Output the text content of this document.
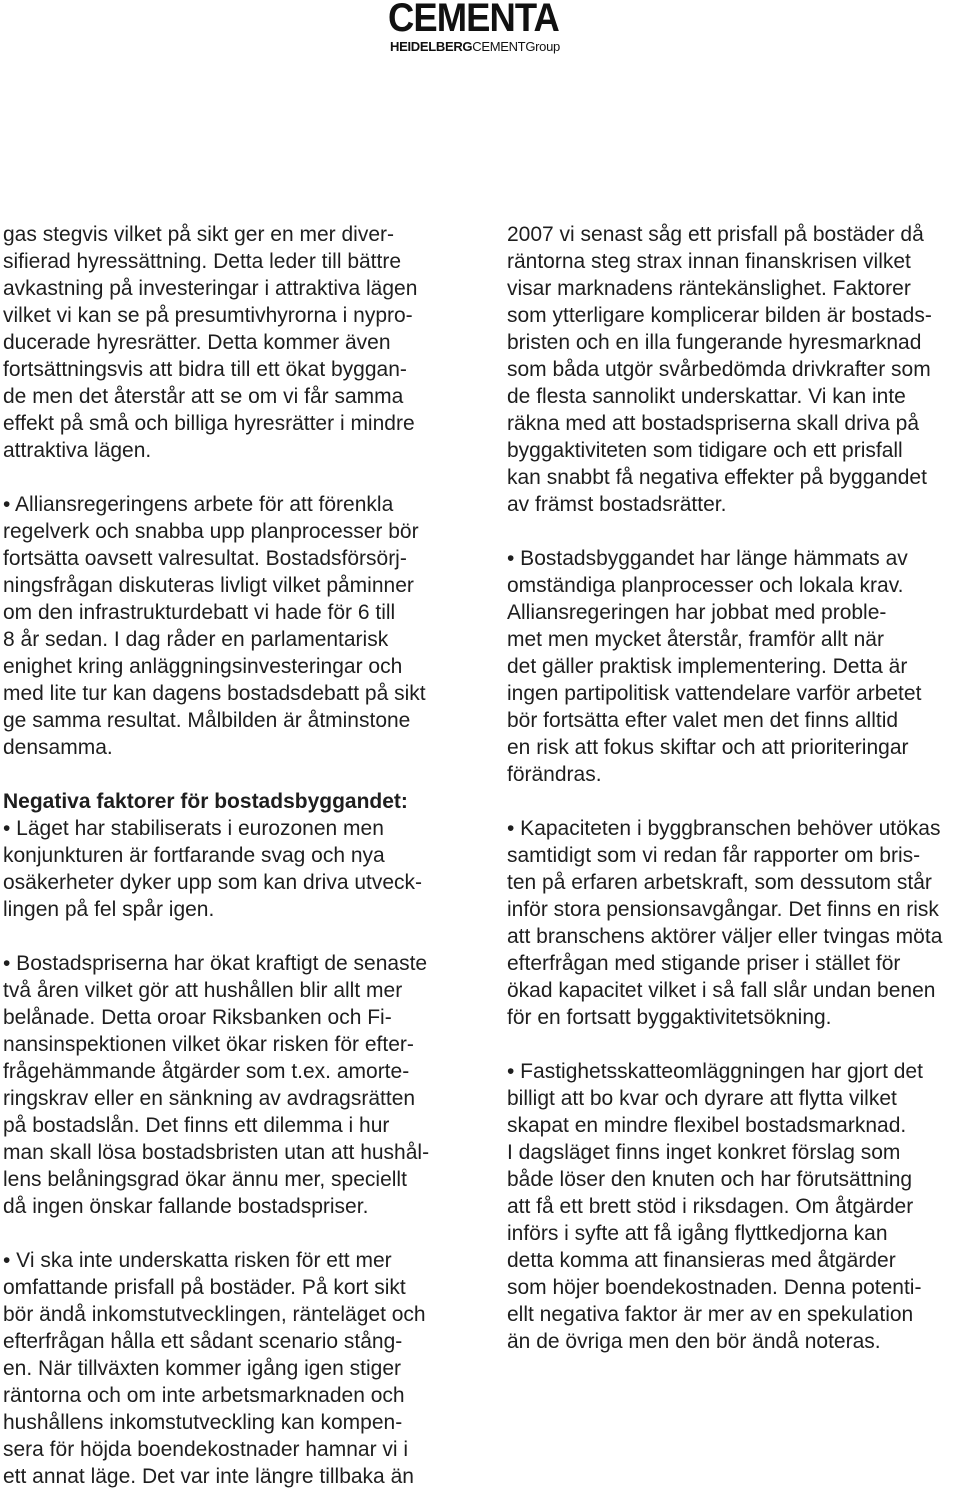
CEMENTA
HEIDELBERGCEMENTGroup
gas stegvis vilket på sikt ger en mer diver-
sifierad hyressättning. Detta leder till bättre
avkastning på investeringar i attraktiva lägen
vilket vi kan se på presumtivhyrorna i nypro-
ducerade hyresrätter. Detta kommer även
fortsättningsvis att bidra till ett ökat byggan-
de men det återstår att se om vi får samma
effekt på små och billiga hyresrätter i mindre
attraktiva lägen.
• Alliansregeringens arbete för att förenkla
regelverk och snabba upp planprocesser bör
fortsätta oavsett valresultat. Bostadsförsörj-
ningsfrågan diskuteras livligt vilket påminner
om den infrastrukturdebatt vi hade för 6 till
8 år sedan. I dag råder en parlamentarisk
enighet kring anläggningsinvesteringar och
med lite tur kan dagens bostadsdebatt på sikt
ge samma resultat. Målbilden är åtminstone
densamma.
Negativa faktorer för bostadsbyggandet:
• Läget har stabiliserats i eurozonen men
konjunkturen är fortfarande svag och nya
osäkerheter dyker upp som kan driva utveck-
lingen på fel spår igen.
• Bostadspriserna har ökat kraftigt de senaste
två åren vilket gör att hushållen blir allt mer
belånade. Detta oroar Riksbanken och Fi-
nansinspektionen vilket ökar risken för efter-
frågehämmande åtgärder som t.ex. amorte-
ringskrav eller en sänkning av avdragsrätten
på bostadslån. Det finns ett dilemma i hur
man skall lösa bostadsbristen utan att hushål-
lens belåningsgrad ökar ännu mer, speciellt
då ingen önskar fallande bostadspriser.
• Vi ska inte underskatta risken för ett mer
omfattande prisfall på bostäder. På kort sikt
bör ändå inkomstutvecklingen, ränteläget och
efterfrågan hålla ett sådant scenario stång-
en. När tillväxten kommer igång igen stiger
räntorna och om inte arbetsmarknaden och
hushållens inkomstutveckling kan kompen-
sera för höjda boendekostnader hamnar vi i
ett annat läge. Det var inte längre tillbaka än
2007 vi senast såg ett prisfall på bostäder då
räntorna steg strax innan finanskrisen vilket
visar marknadens räntekänslighet. Faktorer
som ytterligare komplicerar bilden är bostads-
bristen och en illa fungerande hyresmarknad
som båda utgör svårbedömda drivkrafter som
de flesta sannolikt underskattar. Vi kan inte
räkna med att bostadspriserna skall driva på
byggaktiviteten som tidigare och ett prisfall
kan snabbt få negativa effekter på byggandet
av främst bostadsrätter.
• Bostadsbyggandet har länge hämmats av
omständiga planprocesser och lokala krav.
Alliansregeringen har jobbat med proble-
met men mycket återstår, framför allt när
det gäller praktisk implementering. Detta är
ingen partipolitisk vattendelare varför arbetet
bör fortsätta efter valet men det finns alltid
en risk att fokus skiftar och att prioriteringar
förändras.
• Kapaciteten i byggbranschen behöver utökas
samtidigt som vi redan får rapporter om bris-
ten på erfaren arbetskraft, som dessutom står
inför stora pensionsavgångar. Det finns en risk
att branschens aktörer väljer eller tvingas möta
efterfrågan med stigande priser i stället för
ökad kapacitet vilket i så fall slår undan benen
för en fortsatt byggaktivitetsökning.
• Fastighetsskatteomläggningen har gjort det
billigt att bo kvar och dyrare att flytta vilket
skapat en mindre flexibel bostadsmarknad.
I dagsläget finns inget konkret förslag som
både löser den knuten och har förutsättning
att få ett brett stöd i riksdagen. Om åtgärder
införs i syfte att få igång flyttkedjorna kan
detta komma att finansieras med åtgärder
som höjer boendekostnaden. Denna potenti-
ellt negativa faktor är mer av en spekulation
än de övriga men den bör ändå noteras.
